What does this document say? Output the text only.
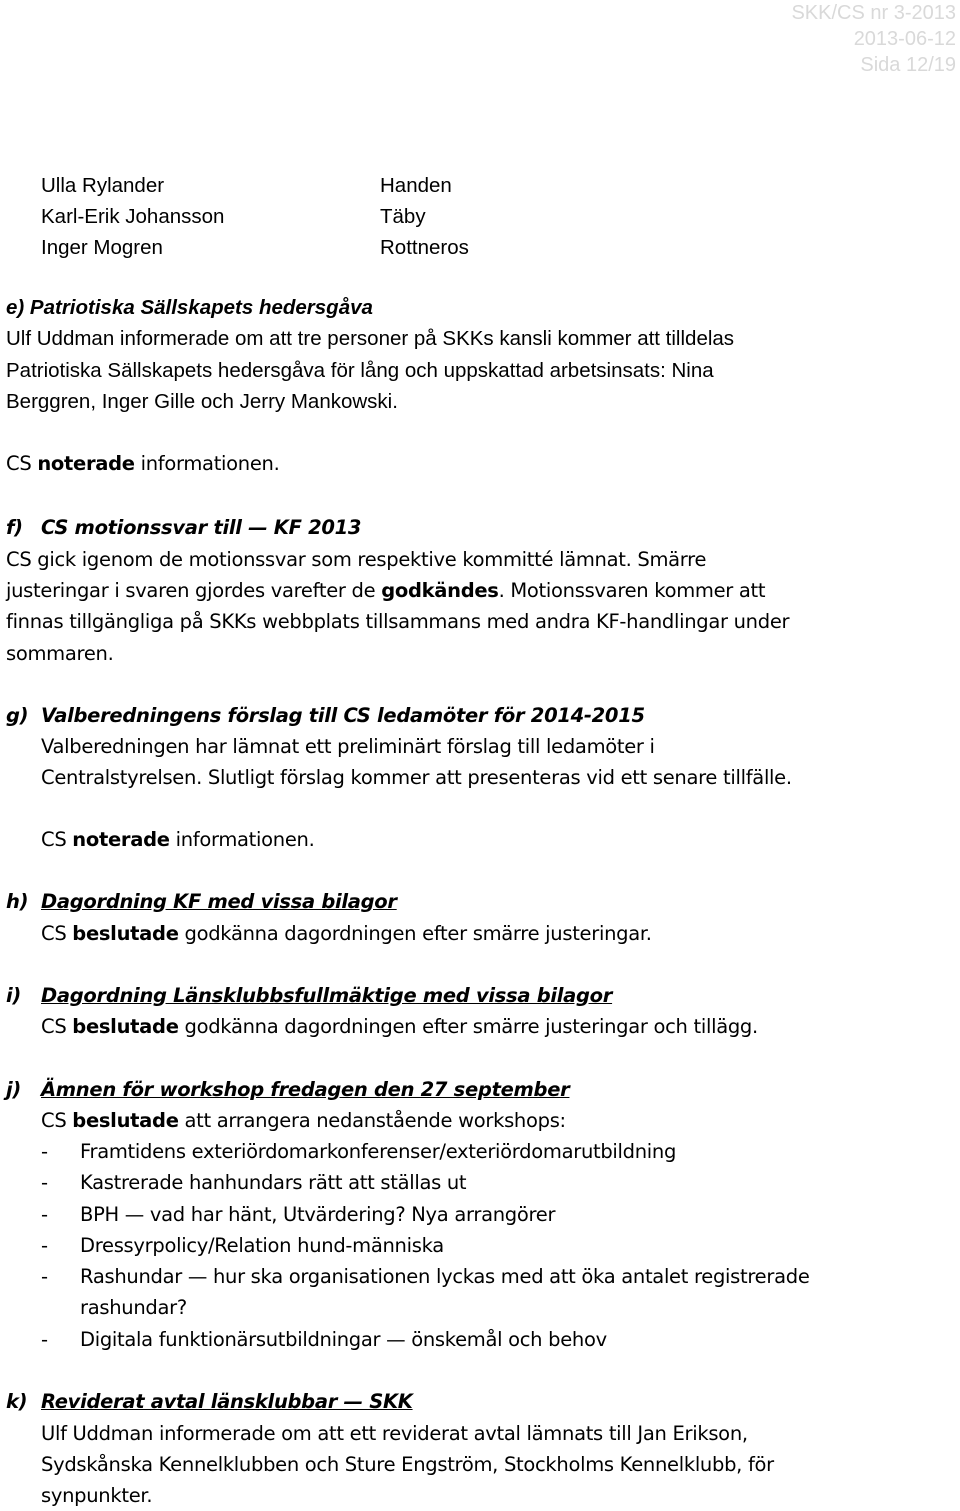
SKK/CS nr 3-2013
2013-06-12
Sida 12/19
Ulla Rylander	Handen
Karl-Erik Johansson	Täby
Inger Mogren	Rottneros
e) Patriotiska Sällskapets hedersgåva
Ulf Uddman informerade om att tre personer på SKKs kansli kommer att tilldelas
Patriotiska Sällskapets hedersgåva för lång och uppskattad arbetsinsats: Nina
Berggren, Inger Gille och Jerry Mankowski.
CS noterade informationen.
f) CS motionssvar till — KF 2013
CS gick igenom de motionssvar som respektive kommitté lämnat. Smärre
justeringar i svaren gjordes varefter de godkändes. Motionssvaren kommer att
finnas tillgängliga på SKKs webbplats tillsammans med andra KF-handlingar under
sommaren.
g) Valberedningens förslag till CS ledamöter för 2014-2015
Valberedningen har lämnat ett preliminärt förslag till ledamöter i
Centralstyrelsen. Slutligt förslag kommer att presenteras vid ett senare tillfälle.
CS noterade informationen.
h) Dagordning KF med vissa bilagor
CS beslutade godkänna dagordningen efter smärre justeringar.
i) Dagordning Länsklubbsfullmäktige med vissa bilagor
CS beslutade godkänna dagordningen efter smärre justeringar och tillägg.
j) Ämnen för workshop fredagen den 27 september
CS beslutade att arrangera nedanstående workshops:
- Framtidens exteriördomarkonferenser/exteriördomarutbildning
- Kastrerade hanhundars rätt att ställas ut
- BPH — vad har hänt, Utvärdering? Nya arrangörer
- Dressyrpolicy/Relation hund-människa
- Rashundar — hur ska organisationen lyckas med att öka antalet registrerade
rashundar?
- Digitala funktionärsutbildningar — önskemål och behov
k) Reviderat avtal länsklubbar — SKK
Ulf Uddman informerade om att ett reviderat avtal lämnats till Jan Erikson,
Sydskånska Kennelklubben och Sture Engström, Stockholms Kennelklubb, för
synpunkter.
